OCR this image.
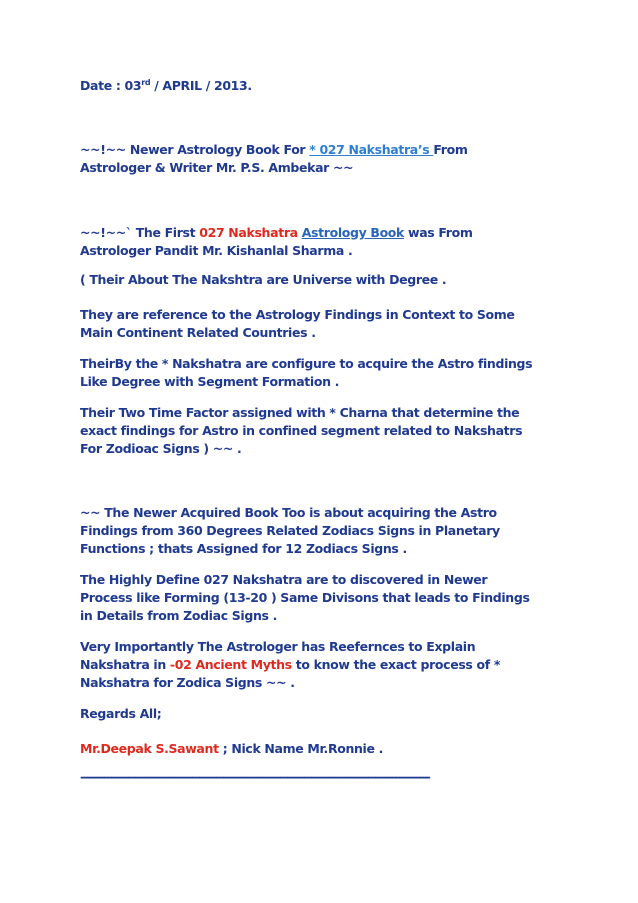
Date : 03rd / APRIL / 2013.

~~!~~ Newer Astrology Book For * 027 Nakshatra’s From

Astrologer & Writer Mr. P.S. Ambekar ~~

~~!~~` The First 027 Nakshatra Astrology Book was From

Astrologer Pandit Mr. Kishanlal Sharma .

( Their About The Nakshtra are Universe with Degree .

They are reference to the Astrology Findings in Context to Some

Main Continent Related Countries .

TheirBy the * Nakshatra are configure to acquire the Astro findings

Like Degree with Segment Formation .

Their Two Time Factor assigned with * Charna that determine the

exact findings for Astro in confined segment related to Nakshatrs

For Zodioac Signs ) ~~ .

~~ The Newer Acquired Book Too is about acquiring the Astro

Findings from 360 Degrees Related Zodiacs Signs in Planetary

Functions ; thats Assigned for 12 Zodiacs Signs .

The Highly Define 027 Nakshatra are to discovered in Newer

Process like Forming (13-20 ) Same Divisons that leads to Findings

in Details from Zodiac Signs .

Very Importantly The Astrologer has Reefernces to Explain

Nakshatra in -02 Ancient Myths to know the exact process of *

Nakshatra for Zodica Signs ~~ .

Regards All;

Mr.Deepak S.Sawant ; Nick Name Mr.Ronnie .

-------------------------------------------------------------------------------------------------------
